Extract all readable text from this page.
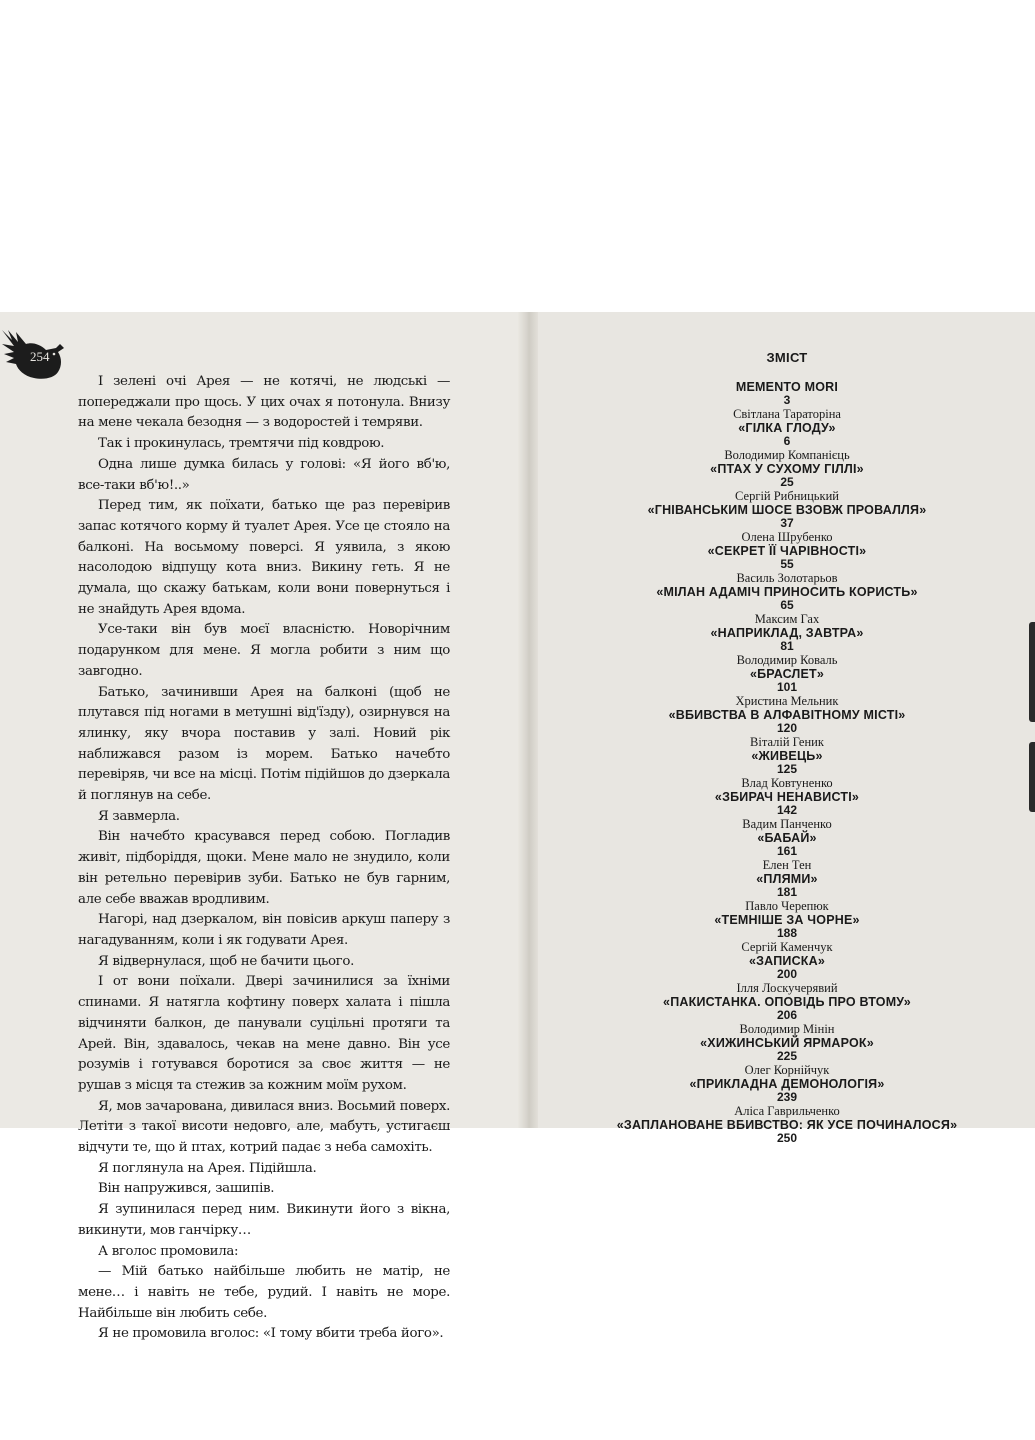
254

І зелені очі Арея — не котячі, не людські — попереджали про щось. У цих очах я потонула. Внизу на мене чекала безодня — з водоростей і темряви.

Так і прокинулась, тремтячи під ковдрою.

Одна лише думка билась у голові: «Я його вб'ю, все-таки вб'ю!..»

Перед тим, як поїхати, батько ще раз перевірив запас котячого корму й туалет Арея. Усе це стояло на балконі. На восьмому поверсі. Я уявила, з якою насолодою відпущу кота вниз. Викину геть. Я не думала, що скажу батькам, коли вони повернуться і не знайдуть Арея вдома.

Усе-таки він був моєї власністю. Новорічним подарунком для мене. Я могла робити з ним що завгодно.

Батько, зачинивши Арея на балконі (щоб не плутався під ногами в метушні від'їзду), озирнувся на ялинку, яку вчора поставив у залі. Новий рік наближався разом із морем. Батько начебто перевіряв, чи все на місці. Потім підійшов до дзеркала й поглянув на себе.

Я завмерла.

Він начебто красувався перед собою. Погладив живіт, підборіддя, щоки. Мене мало не знудило, коли він ретельно перевірив зуби. Батько не був гарним, але себе вважав вродливим.

Нагорі, над дзеркалом, він повісив аркуш паперу з нагадуванням, коли і як годувати Арея.

Я відвернулася, щоб не бачити цього.

І от вони поїхали. Двері зачинилися за їхніми спинами. Я натягла кофтину поверх халата і пішла відчиняти балкон, де панували суцільні протяги та Арей. Він, здавалось, чекав на мене давно. Він усе розумів і готувався боротися за своє життя — не рушав з місця та стежив за кожним моїм рухом.

Я, мов зачарована, дивилася вниз. Восьмий поверх. Летіти з такої висоти недовго, але, мабуть, устигаєш відчути те, що й птах, котрий падає з неба самохіть.

Я поглянула на Арея. Підійшла.

Він напружився, зашипів.

Я зупинилася перед ним. Викинути його з вікна, викинути, мов ганчірку…

А вголос промовила:

— Мій батько найбільше любить не матір, не мене… і навіть не тебе, рудий. І навіть не море. Найбільше він любить себе.

Я не промовила вголос: «І тому вбити треба його».

ЗМІСТ
MEMENTO MORI
3
Світлана Тараторіна
«ГІЛКА ГЛОДУ»
6
Володимир Компанієць
«ПТАХ У СУХОМУ ГІЛЛІ»
25
Сергій Рибницький
«ГНІВАНСЬКИМ ШОСЕ ВЗОВЖ ПРОВАЛЛЯ»
37
Олена Шрубенко
«СЕКРЕТ ЇЇ ЧАРІВНОСТІ»
55
Василь Золотарьов
«МІЛАН АДАМІЧ ПРИНОСИТЬ КОРИСТЬ»
65
Максим Гах
«НАПРИКЛАД, ЗАВТРА»
81
Володимир Коваль
«БРАСЛЕТ»
101
Христина Мельник
«ВБИВСТВА В АЛФАВІТНОМУ МІСТІ»
120
Віталій Геник
«ЖИВЕЦЬ»
125
Влад Ковтуненко
«ЗБИРАЧ НЕНАВИСТІ»
142
Вадим Панченко
«БАБАЙ»
161
Елен Тен
«ПЛЯМИ»
181
Павло Черепюк
«ТЕМНІШЕ ЗА ЧОРНЕ»
188
Сергій Каменчук
«ЗАПИСКА»
200
Ілля Лоскучерявий
«ПАКИСТАНКА. ОПОВІДЬ ПРО ВТОМУ»
206
Володимир Мінін
«ХИЖИНСЬКИЙ ЯРМАРОК»
225
Олег Корнійчук
«ПРИКЛАДНА ДЕМОНОЛОГІЯ»
239
Аліса Гаврильченко
«ЗАПЛАНОВАНЕ ВБИВСТВО: ЯК УСЕ ПОЧИНАЛОСЯ»
250
